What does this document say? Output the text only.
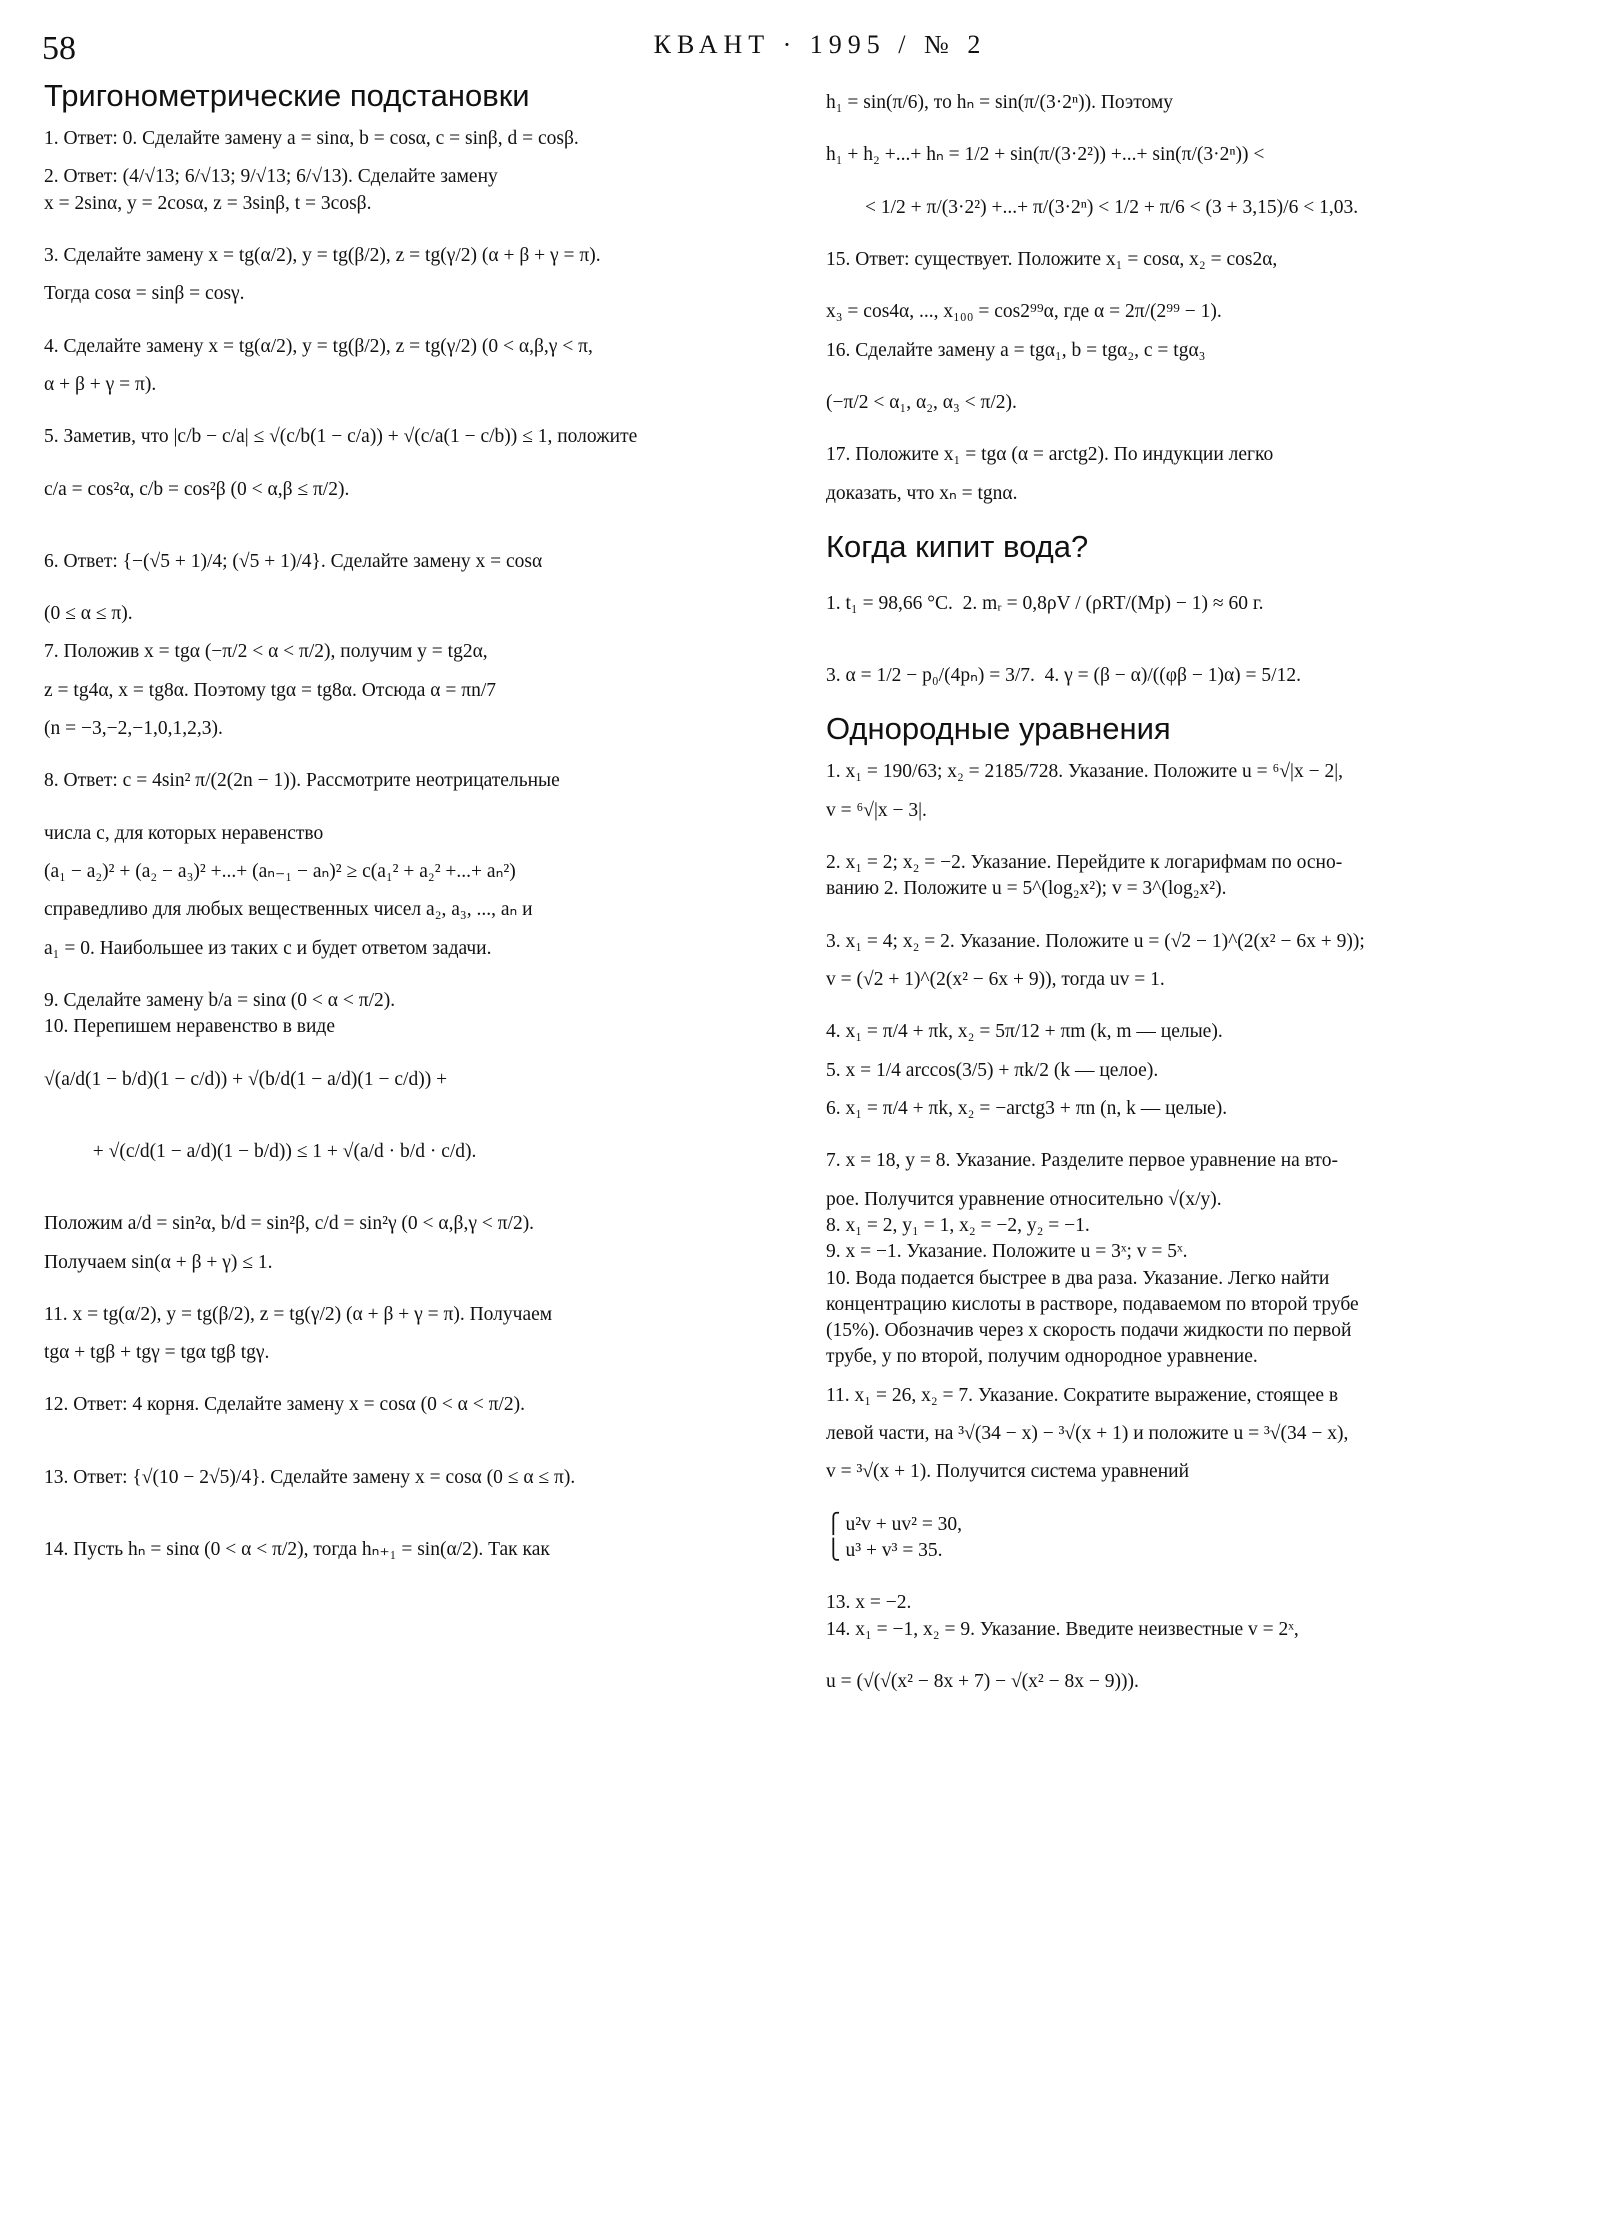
58	КВАНТ · 1995 / № 2
Тригонометрические подстановки
1. Ответ: 0. Сделайте замену a = sinα, b = cosα, c = sinβ, d = cosβ.
2. Ответ: (4/√13; 6/√13; 9/√13; 6/√13). Сделайте замену
x = 2sinα, y = 2cosα, z = 3sinβ, t = 3cosβ.
3. Сделайте замену x = tg(α/2), y = tg(β/2), z = tg(γ/2) (α + β + γ = π).
Тогда cosα = sinβ = cosγ.
4. Сделайте замену x = tg(α/2), y = tg(β/2), z = tg(γ/2) (0 < α,β,γ < π,
α + β + γ = π).
5. Заметив, что |c/b − c/a| ≤ √(c/b(1 − c/a)) + √(c/a(1 − c/b)) ≤ 1, положите
c/a = cos²α, c/b = cos²β (0 < α,β ≤ π/2).
6. Ответ: {−(√5 + 1)/4; (√5 + 1)/4}. Сделайте замену x = cosα
(0 ≤ α ≤ π).
7. Положив x = tgα (−π/2 < α < π/2), получим y = tg2α,
z = tg4α, x = tg8α. Поэтому tgα = tg8α. Отсюда α = πn/7
(n = −3,−2,−1,0,1,2,3).
8. Ответ: c = 4sin² π/(2(2n − 1)). Рассмотрите неотрицательные
числа c, для которых неравенство
(a₁ − a₂)² + (a₂ − a₃)² +...+ (aₙ₋₁ − aₙ)² ≥ c(a₁² + a₂² +...+ aₙ²)
справедливо для любых вещественных чисел a₂, a₃, ..., aₙ и
a₁ = 0. Наибольшее из таких c и будет ответом задачи.
9. Сделайте замену b/a = sinα (0 < α < π/2).
10. Перепишем неравенство в виде
√(a/d(1 − b/d)(1 − c/d)) + √(b/d(1 − a/d)(1 − c/d)) +
+ √(c/d(1 − a/d)(1 − b/d)) ≤ 1 + √(a/d · b/d · c/d).
Положим a/d = sin²α, b/d = sin²β, c/d = sin²γ (0 < α,β,γ < π/2).
Получаем sin(α + β + γ) ≤ 1.
11. x = tg(α/2), y = tg(β/2), z = tg(γ/2) (α + β + γ = π). Получаем
tgα + tgβ + tgγ = tgα tgβ tgγ.
12. Ответ: 4 корня. Сделайте замену x = cosα (0 < α < π/2).
13. Ответ: {√(10 − 2√5)/4}. Сделайте замену x = cosα (0 ≤ α ≤ π).
14. Пусть hₙ = sinα (0 < α < π/2), тогда hₙ₊₁ = sin(α/2). Так как
h₁ = sin(π/6), то hₙ = sin(π/(3·2ⁿ)). Поэтому
h₁ + h₂ +...+ hₙ = 1/2 + sin(π/(3·2²)) +...+ sin(π/(3·2ⁿ)) <
< 1/2 + π/(3·2²) +...+ π/(3·2ⁿ) < 1/2 + π/6 < (3 + 3,15)/6 < 1,03.
15. Ответ: существует. Положите x₁ = cosα, x₂ = cos2α,
x₃ = cos4α, ..., x₁₀₀ = cos2⁹⁹α, где α = 2π/(2⁹⁹ − 1).
16. Сделайте замену a = tgα₁, b = tgα₂, c = tgα₃
(−π/2 < α₁, α₂, α₃ < π/2).
17. Положите x₁ = tgα (α = arctg2). По индукции легко
доказать, что xₙ = tgnα.
Когда кипит вода?
1. t₁ = 98,66 °C.  2. mᵣ = 0,8ρV / (ρRT/(Mp) − 1) ≈ 60 г.
3. α = 1/2 − p₀/(4pₙ) = 3/7.  4. γ = (β − α)/((φβ − 1)α) = 5/12.
Однородные уравнения
1. x₁ = 190/63; x₂ = 2185/728. Указание. Положите u = ⁶√|x − 2|,
v = ⁶√|x − 3|.
2. x₁ = 2; x₂ = −2. Указание. Перейдите к логарифмам по осно-
ванию 2. Положите u = 5^(log₂x²); v = 3^(log₂x²).
3. x₁ = 4; x₂ = 2. Указание. Положите u = (√2 − 1)^(2(x² − 6x + 9));
v = (√2 + 1)^(2(x² − 6x + 9)), тогда uv = 1.
4. x₁ = π/4 + πk, x₂ = 5π/12 + πm (k, m — целые).
5. x = 1/4 arccos(3/5) + πk/2 (k — целое).
6. x₁ = π/4 + πk, x₂ = −arctg3 + πn (n, k — целые).
7. x = 18, y = 8. Указание. Разделите первое уравнение на вто-
рое. Получится уравнение относительно √(x/y).
8. x₁ = 2, y₁ = 1, x₂ = −2, y₂ = −1.
9. x = −1. Указание. Положите u = 3ˣ; v = 5ˣ.
10. Вода подается быстрее в два раза. Указание. Легко найти
концентрацию кислоты в растворе, подаваемом по второй трубе
(15%). Обозначив через x скорость подачи жидкости по первой
трубе, y по второй, получим однородное уравнение.
11. x₁ = 26, x₂ = 7. Указание. Сократите выражение, стоящее в
левой части, на ³√(34 − x) − ³√(x + 1) и положите u = ³√(34 − x),
v = ³√(x + 1). Получится система уравнений
⎧ u²v + uv² = 30,
⎩ u³ + v³ = 35.
13. x = −2.
14. x₁ = −1, x₂ = 9. Указание. Введите неизвестные v = 2ˣ,
u = (√(√(x² − 8x + 7) − √(x² − 8x − 9))).
